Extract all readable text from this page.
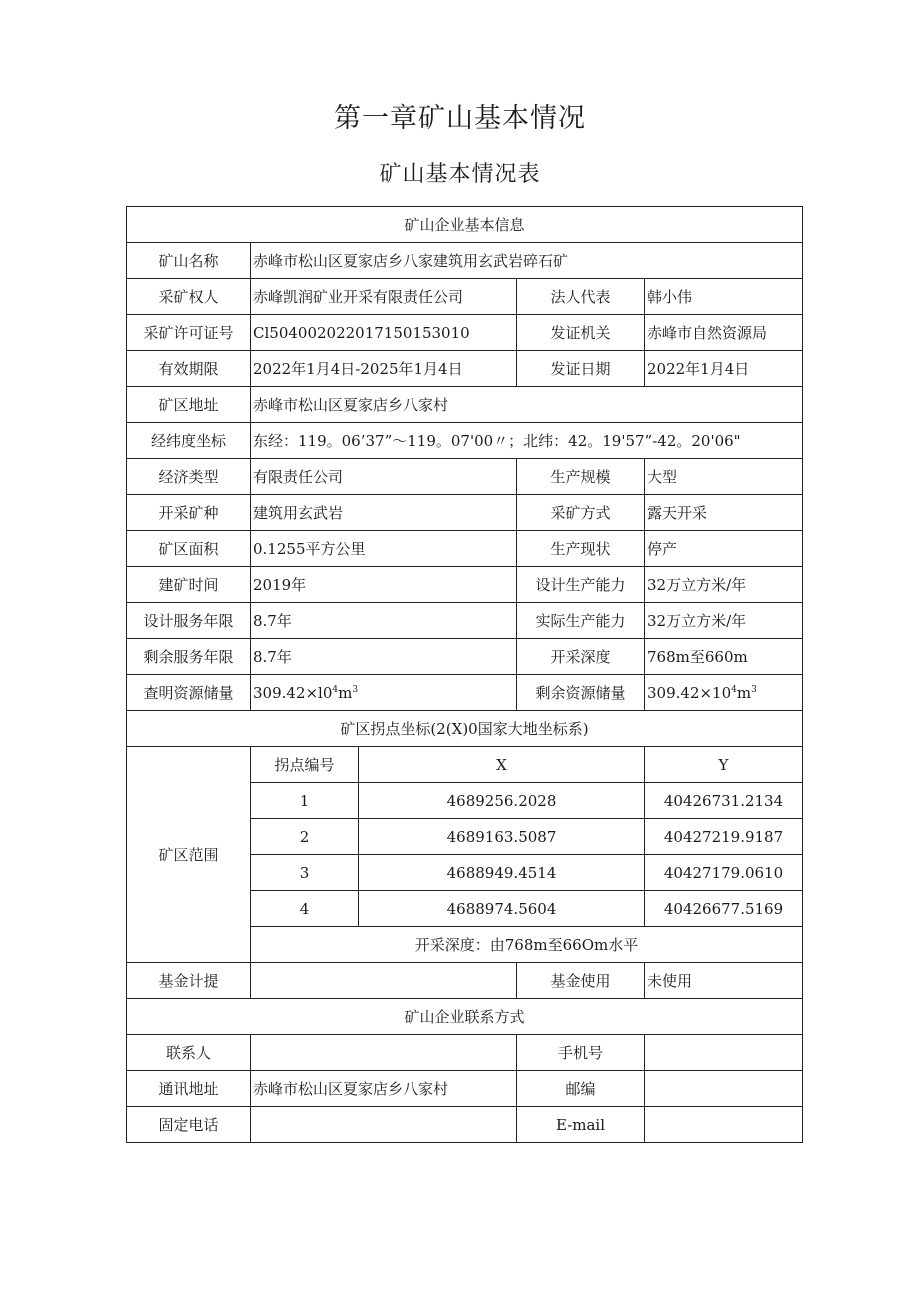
第一章矿山基本情况
矿山基本情况表
矿山企业基本信息				
矿山名称	赤峰市松山区夏家店乡八家建筑用玄武岩碎石矿			
采矿权人	赤峰凯润矿业开采有限责任公司		法人代表	韩小伟
采矿许可证号	Cl504002022017150153010		发证机关	赤峰市自然资源局
有效期限	2022年1月4日-2025年1月4日		发证日期	2022年1月4日
矿区地址	赤峰市松山区夏家店乡八家村			
经纬度坐标	东经：119。06’37”～119。07'00〃；北纬：42。19'57”-42。20'06"			
经济类型	有限责任公司		生产规模	大型
开采矿种	建筑用玄武岩		采矿方式	露天开采
矿区面积	0.1255平方公里		生产现状	停产
建矿时间	2019年		设计生产能力	32万立方米/年
设计服务年限	8.7年		实际生产能力	32万立方米/年
剩余服务年限	8.7年		开采深度	768m至660m
查明资源储量	$309.42\times l0^4m^3$		剩余资源储量	$309.42\times 10^4m^3$
矿区拐点坐标(2(X)0国家大地坐标系)				
矿区范围	拐点编号	X		Y
	1	4689256.2028		40426731.2134
	2	4689163.5087		40427219.9187
	3	4688949.4514		40427179.0610
	4	4688974.5604		40426677.5169
	开采深度：由768m至66Om水平			
基金计提			基金使用	未使用
矿山企业联系方式				
联系人			手机号	
通讯地址	赤峰市松山区夏家店乡八家村		邮编	
固定电话			E-mail	
